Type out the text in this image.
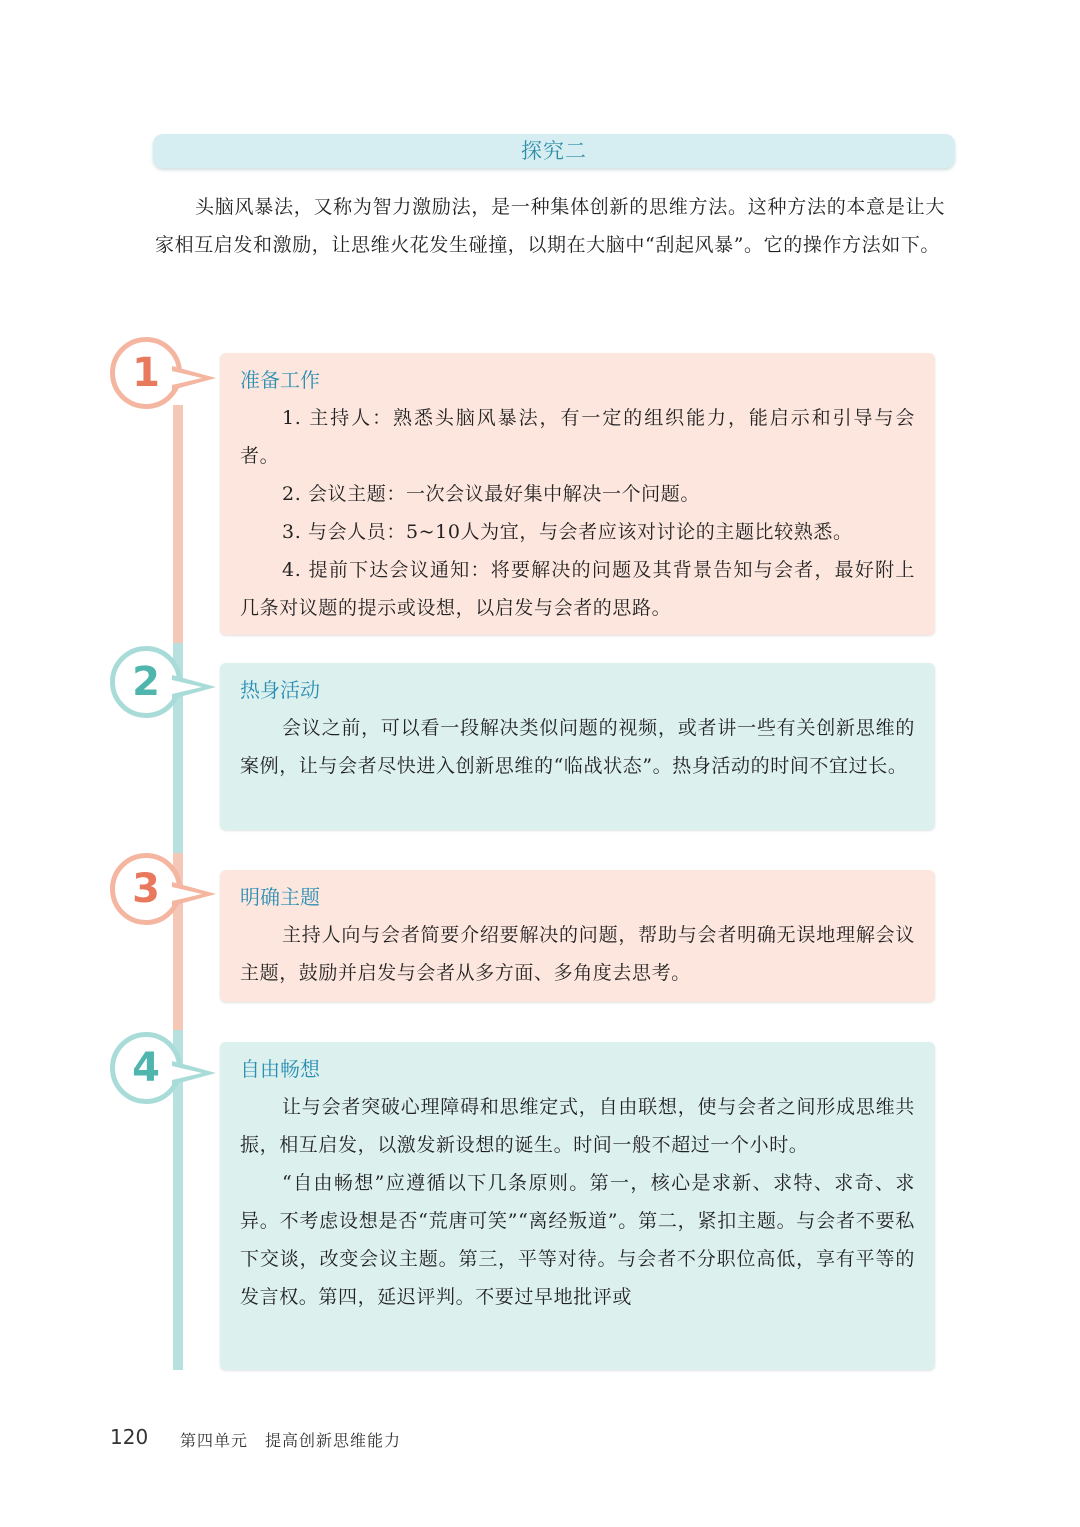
探究二

头脑风暴法，又称为智力激励法，是一种集体创新的思维方法。这种方法的本意是让大家相互启发和激励，让思维火花发生碰撞，以期在大脑中“刮起风暴”。它的操作方法如下。

1	准备工作

1. 主持人：熟悉头脑风暴法，有一定的组织能力，能启示和引导与会者。

2. 会议主题：一次会议最好集中解决一个问题。

3. 与会人员：5~10人为宜，与会者应该对讨论的主题比较熟悉。

4. 提前下达会议通知：将要解决的问题及其背景告知与会者，最好附上几条对议题的提示或设想，以启发与会者的思路。

2	热身活动

会议之前，可以看一段解决类似问题的视频，或者讲一些有关创新思维的案例，让与会者尽快进入创新思维的“临战状态”。热身活动的时间不宜过长。

3	明确主题

主持人向与会者简要介绍要解决的问题，帮助与会者明确无误地理解会议主题，鼓励并启发与会者从多方面、多角度去思考。

4	自由畅想

让与会者突破心理障碍和思维定式，自由联想，使与会者之间形成思维共振，相互启发，以激发新设想的诞生。时间一般不超过一个小时。

“自由畅想”应遵循以下几条原则。第一，核心是求新、求特、求奇、求异。不考虑设想是否“荒唐可笑”“离经叛道”。第二，紧扣主题。与会者不要私下交谈，改变会议主题。第三，平等对待。与会者不分职位高低，享有平等的发言权。第四，延迟评判。不要过早地批评或

120 第四单元　提高创新思维能力
